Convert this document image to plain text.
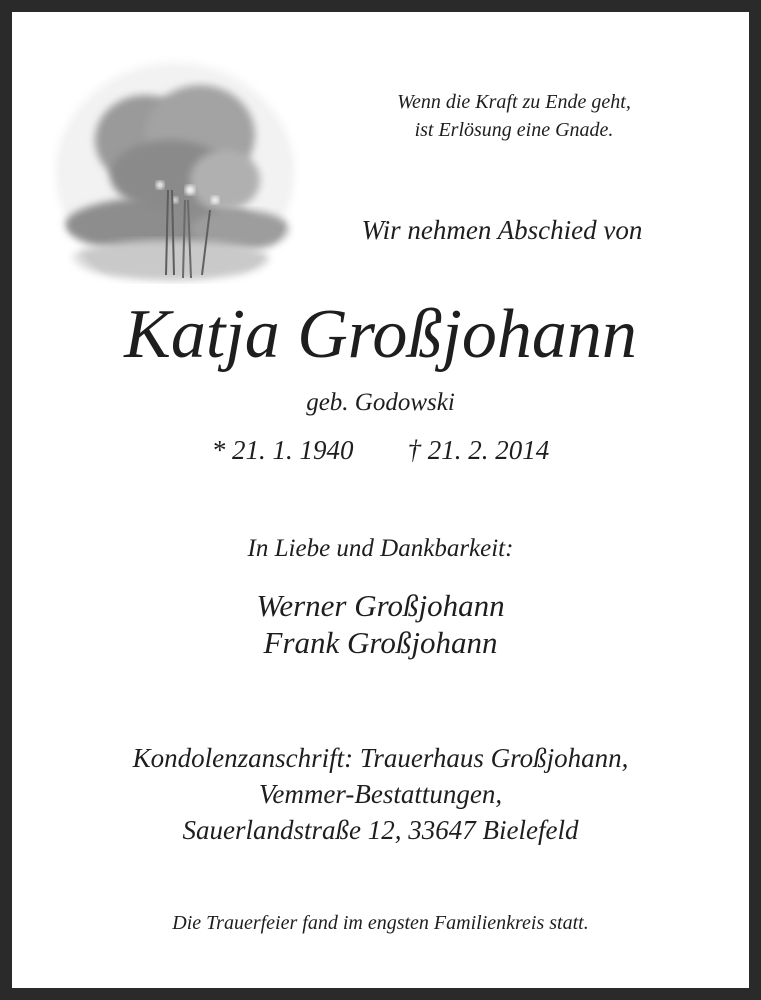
Wenn die Kraft zu Ende geht,
ist Erlösung eine Gnade.
Wir nehmen Abschied von
Katja Großjohann
geb. Godowski
* 21. 1. 1940 † 21. 2. 2014
In Liebe und Dankbarkeit:
Werner Großjohann
Frank Großjohann
Kondolenzanschrift: Trauerhaus Großjohann,
Vemmer-Bestattungen,
Sauerlandstraße 12, 33647 Bielefeld
Die Trauerfeier fand im engsten Familienkreis statt.
